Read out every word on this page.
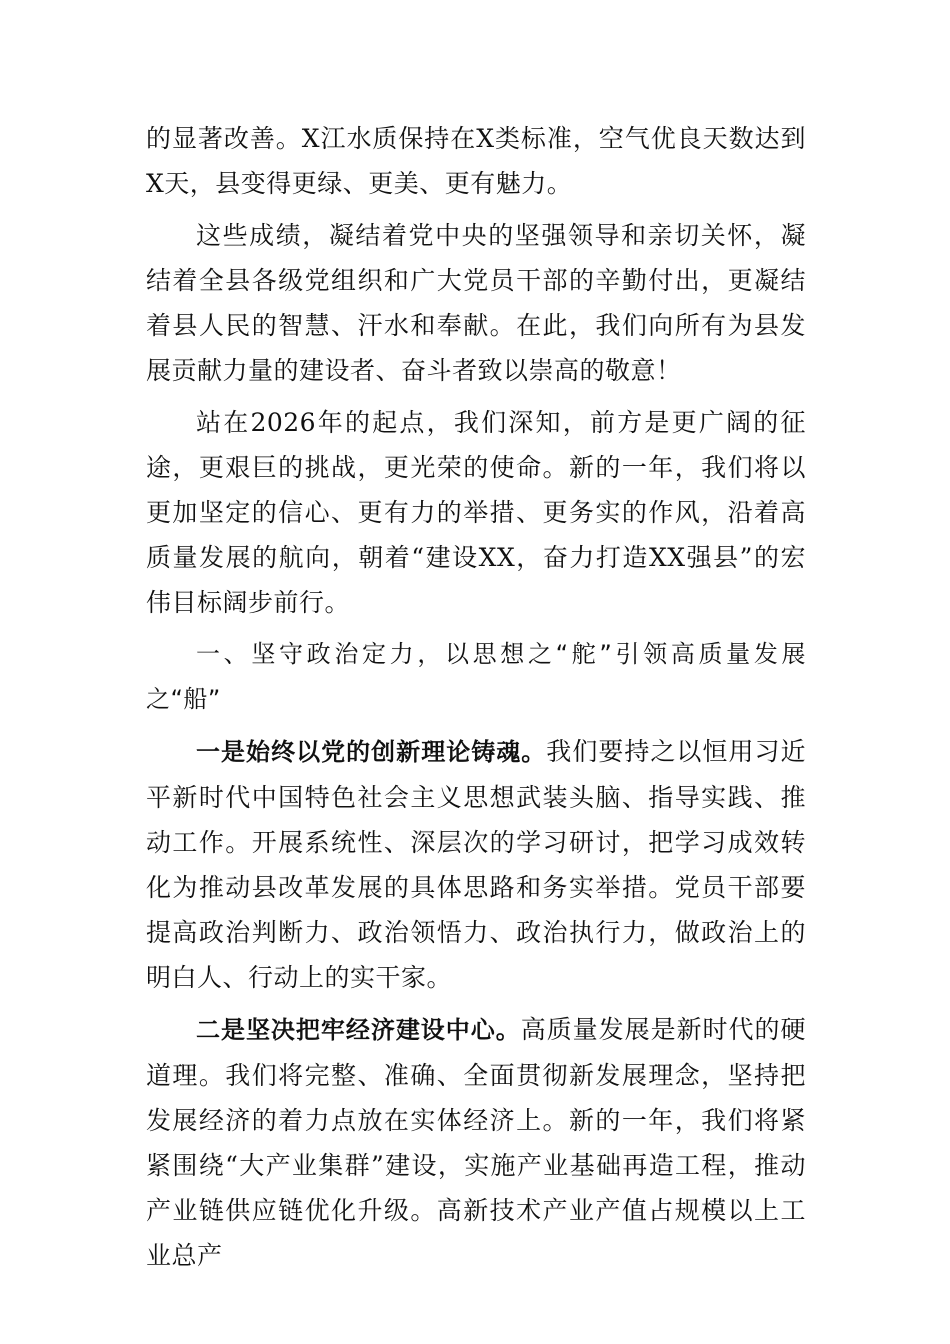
的显著改善。X江水质保持在X类标准，空气优良天数达到X天，县变得更绿、更美、更有魅力。

这些成绩，凝结着党中央的坚强领导和亲切关怀，凝结着全县各级党组织和广大党员干部的辛勤付出，更凝结着县人民的智慧、汗水和奉献。在此，我们向所有为县发展贡献力量的建设者、奋斗者致以崇高的敬意！

站在2026年的起点，我们深知，前方是更广阔的征途，更艰巨的挑战，更光荣的使命。新的一年，我们将以更加坚定的信心、更有力的举措、更务实的作风，沿着高质量发展的航向，朝着“建设XX，奋力打造XX强县”的宏伟目标阔步前行。

一、坚守政治定力，以思想之“舵”引领高质量发展之“船”

一是始终以党的创新理论铸魂。我们要持之以恒用习近平新时代中国特色社会主义思想武装头脑、指导实践、推动工作。开展系统性、深层次的学习研讨，把学习成效转化为推动县改革发展的具体思路和务实举措。党员干部要提高政治判断力、政治领悟力、政治执行力，做政治上的明白人、行动上的实干家。

二是坚决把牢经济建设中心。高质量发展是新时代的硬道理。我们将完整、准确、全面贯彻新发展理念，坚持把发展经济的着力点放在实体经济上。新的一年，我们将紧紧围绕“大产业集群”建设，实施产业基础再造工程，推动产业链供应链优化升级。高新技术产业产值占规模以上工业总产
